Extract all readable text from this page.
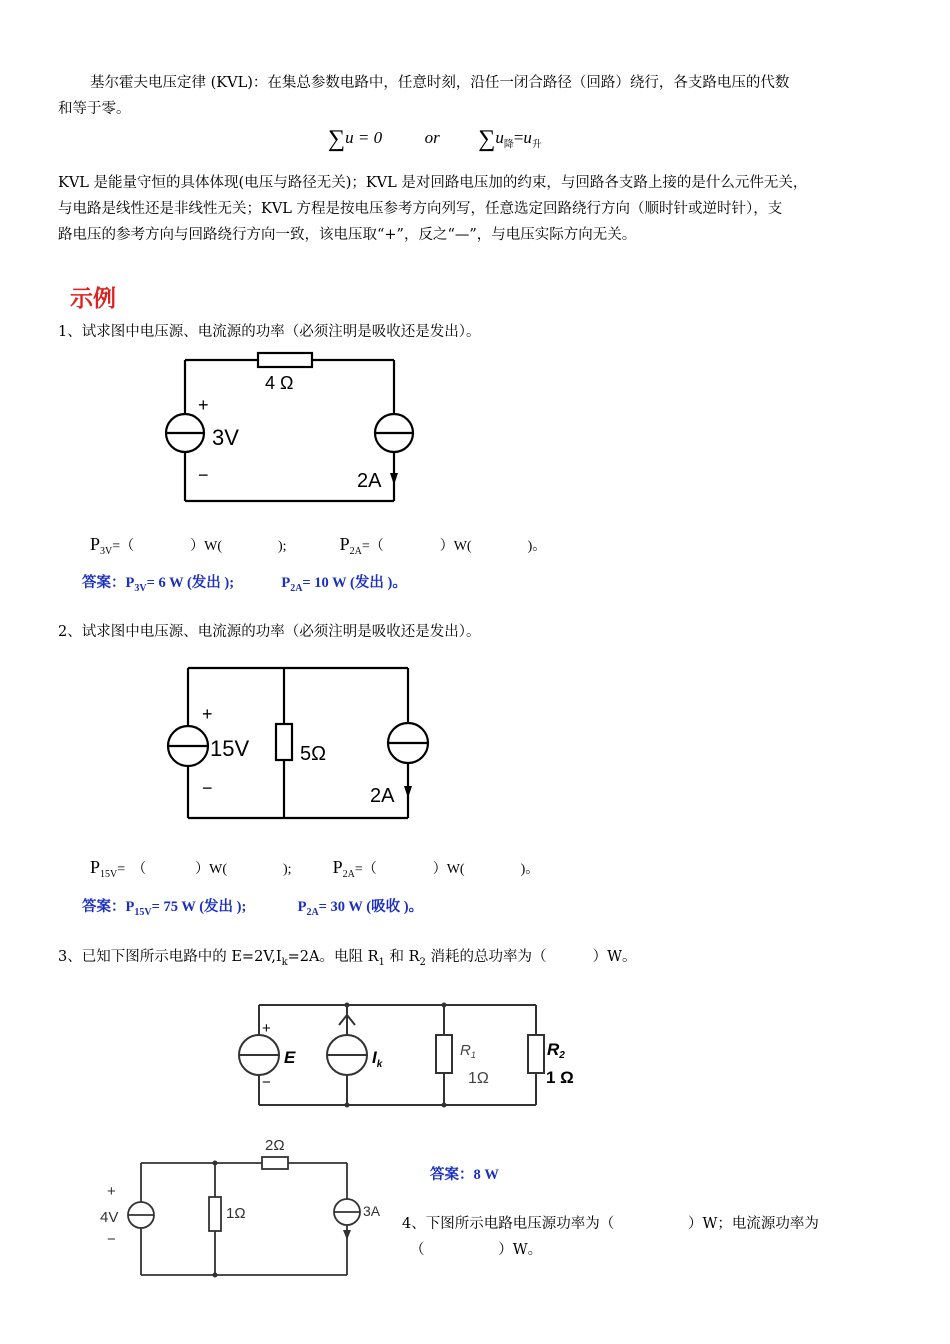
基尔霍夫电压定律 (KVL)：在集总参数电路中，任意时刻，沿任一闭合路径（回路）绕行，各支路电压的代数
和等于零。
∑u = 0	or $\sum u_降=u_升$
KVL 是能量守恒的具体体现(电压与路径无关)；KVL 是对回路电压加的约束，与回路各支路上接的是什么元件无关，
与电路是线性还是非线性无关；KVL 方程是按电压参考方向列写，任意选定回路绕行方向（顺时针或逆时针），支
路电压的参考方向与回路绕行方向一致，该电压取“+”，反之“—”，与电压实际方向无关。
示例
1、试求图中电压源、电流源的功率（必须注明是吸收还是发出）。
4 Ω
+
3V
−	2A
$P_{3V}=$（                ）W(                );	$P_{2A}=$（                ）W(                )。
答案：$P_{3V}= 6$ W (发出 );	$P_{2A}= 10$ W (发出 )。
2、试求图中电压源、电流源的功率（必须注明是吸收还是发出）。
+
15V
−
5Ω
2A
$P_{15V}=$  （              ）W(                ); $P_{2A}=$（                ）W(                )。
答案：$P_{15V}= 75$ W (发出 );	$P_{2A}= 30$ W (吸收 )。
3、已知下图所示电路中的 $E=2V,I_k=2A$。电阻 $R_1$ 和 $R_2$ 消耗的总功率为（          ）W。
+
−
E	$I_k$
$R_1$
1Ω
R2
1 Ω
答案：8 W
2Ω
+
4V
−
1Ω	3A
4、下图所示电路电压源功率为（                ）W；电流源功率为
（                ）W。
